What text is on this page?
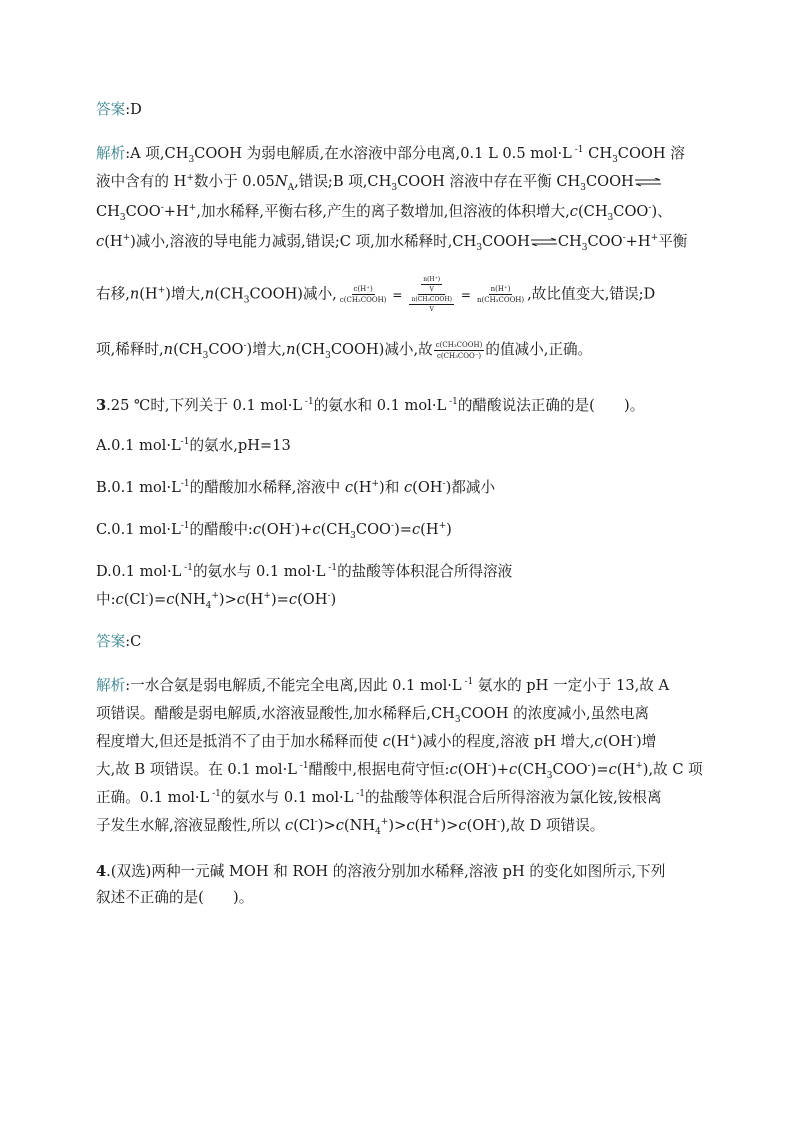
答案:D
解析:A 项$,CH_3COOH$ 为弱电解质,在水溶液中部分电离,0.1 L 0.5 mol·L $^{-1}$ $CH_3COOH$ 溶
液中含有的 H+数小于 $0.05N_A$,错误;B 项$,CH_3COOH$ 溶液中存在平衡 $CH_3COOH\rightleftharpoons$
$CH_3COO^-+H^+$,加水稀释,平衡右移,产生的离子数增加,但溶液的体积增大$,c(CH_3COO^-)$、
c(H+)减小,溶液的导电能力减弱,错误;C 项,加水稀释时$,CH_3COOH\rightleftharpoons CH_3COO^-+H^+$平衡
右移,n(H+)增大$,n(CH_3COOH)$减小, $\frac{c(H^+)}{\text{c(CH₃COOH)}} = \frac{\frac{n(H^+)}{V}}{\frac{\text{n(CH₃COOH)}}{V}} = \frac{n(H^+)}{\text{n(CH₃COOH)}}$ ,故比值变大,错误;D
项,稀释时$,n(CH_3COO^-)$增大$,n(CH_3COOH)$减小,故 $\frac{\text{c(CH₃COOH)}}{\text{c(CH₃COO⁻)}}$ 的值减小,正确。
3.25 ℃时,下列关于 0.1 mol·L $^{-1}$的氨水和 0.1 mol·L $^{-1}$的醋酸说法正确的是(　　)。
A.0.1 $mol\cdot L^{-1}$的氨水,pH=13
B.0.1 $mol\cdot L^{-1}$的醋酸加水稀释,溶液中 c(H+)和 c(OH-)都减小
C.0.1 $mol\cdot L^{-1}$的醋酸中$:c(OH^-)+c(CH_3COO^-)=c(H^+)$
D.0.1 mol·L $^{-1}$的氨水与 0.1 mol·L $^{-1}$的盐酸等体积混合所得溶液
中$:c(Cl^-)=c(NH_4^+)>c(H^+)=c(OH^-)$
答案:C
解析:一水合氨是弱电解质,不能完全电离,因此 0.1 mol·L $^{-1}$ 氨水的 pH 一定小于 13,故 A
项错误。醋酸是弱电解质,水溶液显酸性,加水稀释后$,CH_3COOH$ 的浓度减小,虽然电离
程度增大,但还是抵消不了由于加水稀释而使 c(H+)减小的程度,溶液 pH 增大,c(OH-)增
大,故 B 项错误。在 0.1 mol·L $^{-1}$醋酸中,根据电荷守恒$:c(OH^-)+c(CH_3COO^-)=c(H^+)$,故 C 项
正确。0.1 mol·L $^{-1}$的氨水与 0.1 mol·L $^{-1}$的盐酸等体积混合后所得溶液为氯化铵,铵根离
子发生水解,溶液显酸性,所以 $c(Cl^-)>c(NH_4^+)>c(H^+)>c(OH^-)$,故 D 项错误。
4.(双选)两种一元碱 MOH 和 ROH 的溶液分别加水稀释,溶液 pH 的变化如图所示,下列
叙述不正确的是(　　)。
